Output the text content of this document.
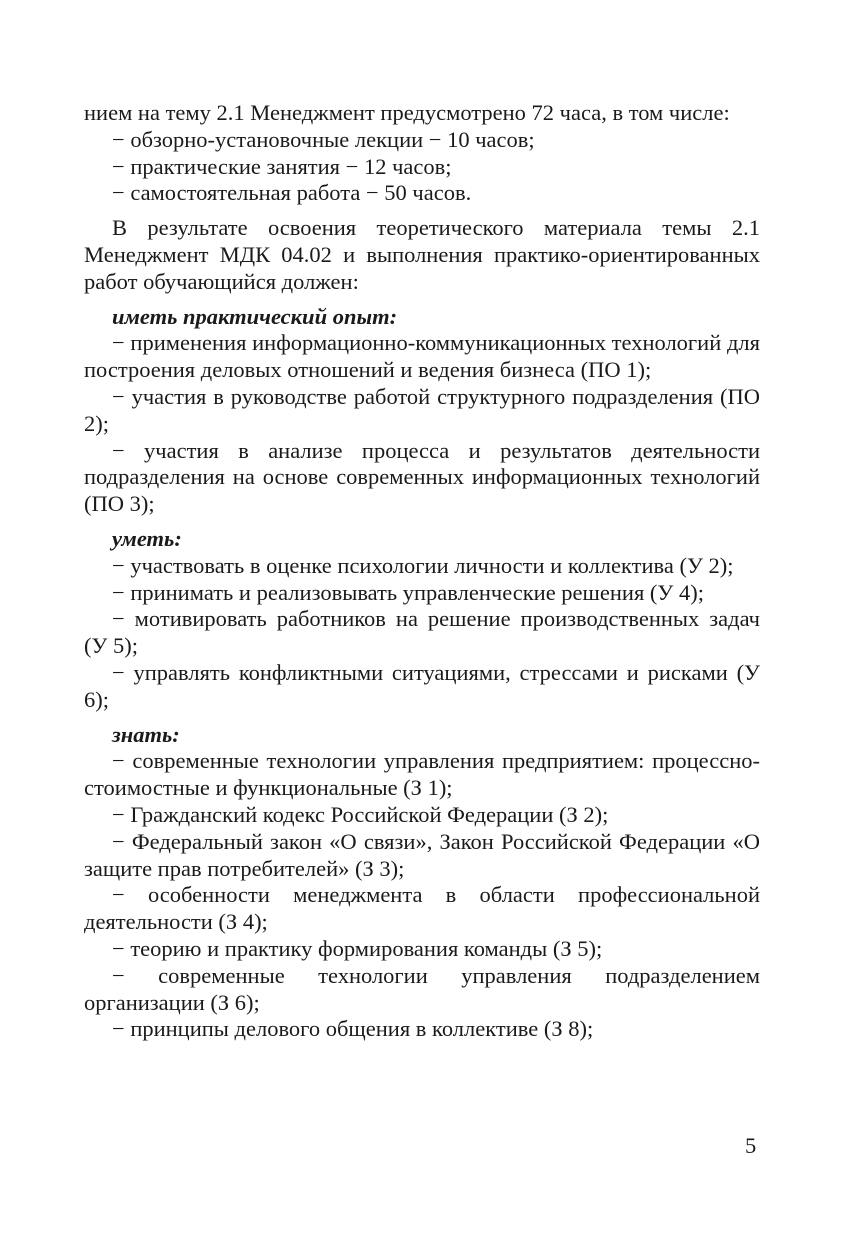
нием на тему 2.1 Менеджмент предусмотрено 72 часа, в том числе:

− обзорно-установочные лекции − 10 часов;

− практические занятия − 12 часов;

− самостоятельная работа − 50 часов.

В результате освоения теоретического материала темы 2.1 Менеджмент МДК 04.02 и выполнения практико-ориентированных работ обучающийся должен:

иметь практический опыт:

− применения информационно-коммуникационных технологий для построения деловых отношений и ведения бизнеса (ПО 1);

− участия в руководстве работой структурного подразделения (ПО 2);

− участия в анализе процесса и результатов деятельности подразделения на основе современных информационных технологий (ПО 3);

уметь:

− участвовать в оценке психологии личности и коллектива (У 2);

− принимать и реализовывать управленческие решения (У 4);

− мотивировать работников на решение производственных задач (У 5);

− управлять конфликтными ситуациями, стрессами и рисками (У 6);

знать:

− современные технологии управления предприятием: процессно-стоимостные и функциональные (З 1);

− Гражданский кодекс Российской Федерации (З 2);

− Федеральный закон «О связи», Закон Российской Федерации «О защите прав потребителей» (З 3);

− особенности менеджмента в области профессиональной деятельности (З 4);

− теорию и практику формирования команды (З 5);

− современные технологии управления подразделением организации (З 6);

− принципы делового общения в коллективе (З 8);

5
